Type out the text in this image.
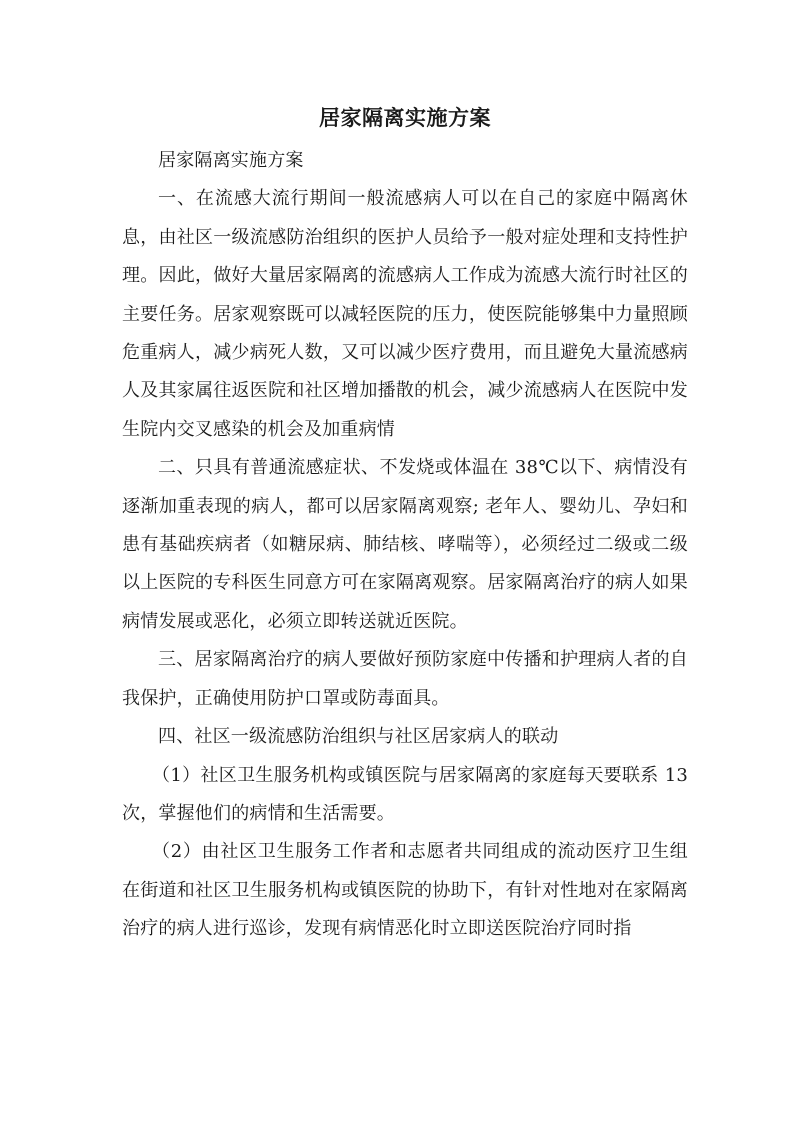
居家隔离实施方案

居家隔离实施方案

一、在流感大流行期间一般流感病人可以在自己的家庭中隔离休息，由社区一级流感防治组织的医护人员给予一般对症处理和支持性护理。因此，做好大量居家隔离的流感病人工作成为流感大流行时社区的主要任务。居家观察既可以减轻医院的压力，使医院能够集中力量照顾危重病人，减少病死人数，又可以减少医疗费用，而且避免大量流感病人及其家属往返医院和社区增加播散的机会，减少流感病人在医院中发生院内交叉感染的机会及加重病情

二、只具有普通流感症状、不发烧或体温在 38℃以下、病情没有逐渐加重表现的病人，都可以居家隔离观察; 老年人、婴幼儿、孕妇和患有基础疾病者（如糖尿病、肺结核、哮喘等），必须经过二级或二级以上医院的专科医生同意方可在家隔离观察。居家隔离治疗的病人如果病情发展或恶化，必须立即转送就近医院。

三、居家隔离治疗的病人要做好预防家庭中传播和护理病人者的自我保护，正确使用防护口罩或防毒面具。

四、社区一级流感防治组织与社区居家病人的联动

（1）社区卫生服务机构或镇医院与居家隔离的家庭每天要联系 13 次，掌握他们的病情和生活需要。

（2）由社区卫生服务工作者和志愿者共同组成的流动医疗卫生组在街道和社区卫生服务机构或镇医院的协助下，有针对性地对在家隔离治疗的病人进行巡诊，发现有病情恶化时立即送医院治疗同时指
